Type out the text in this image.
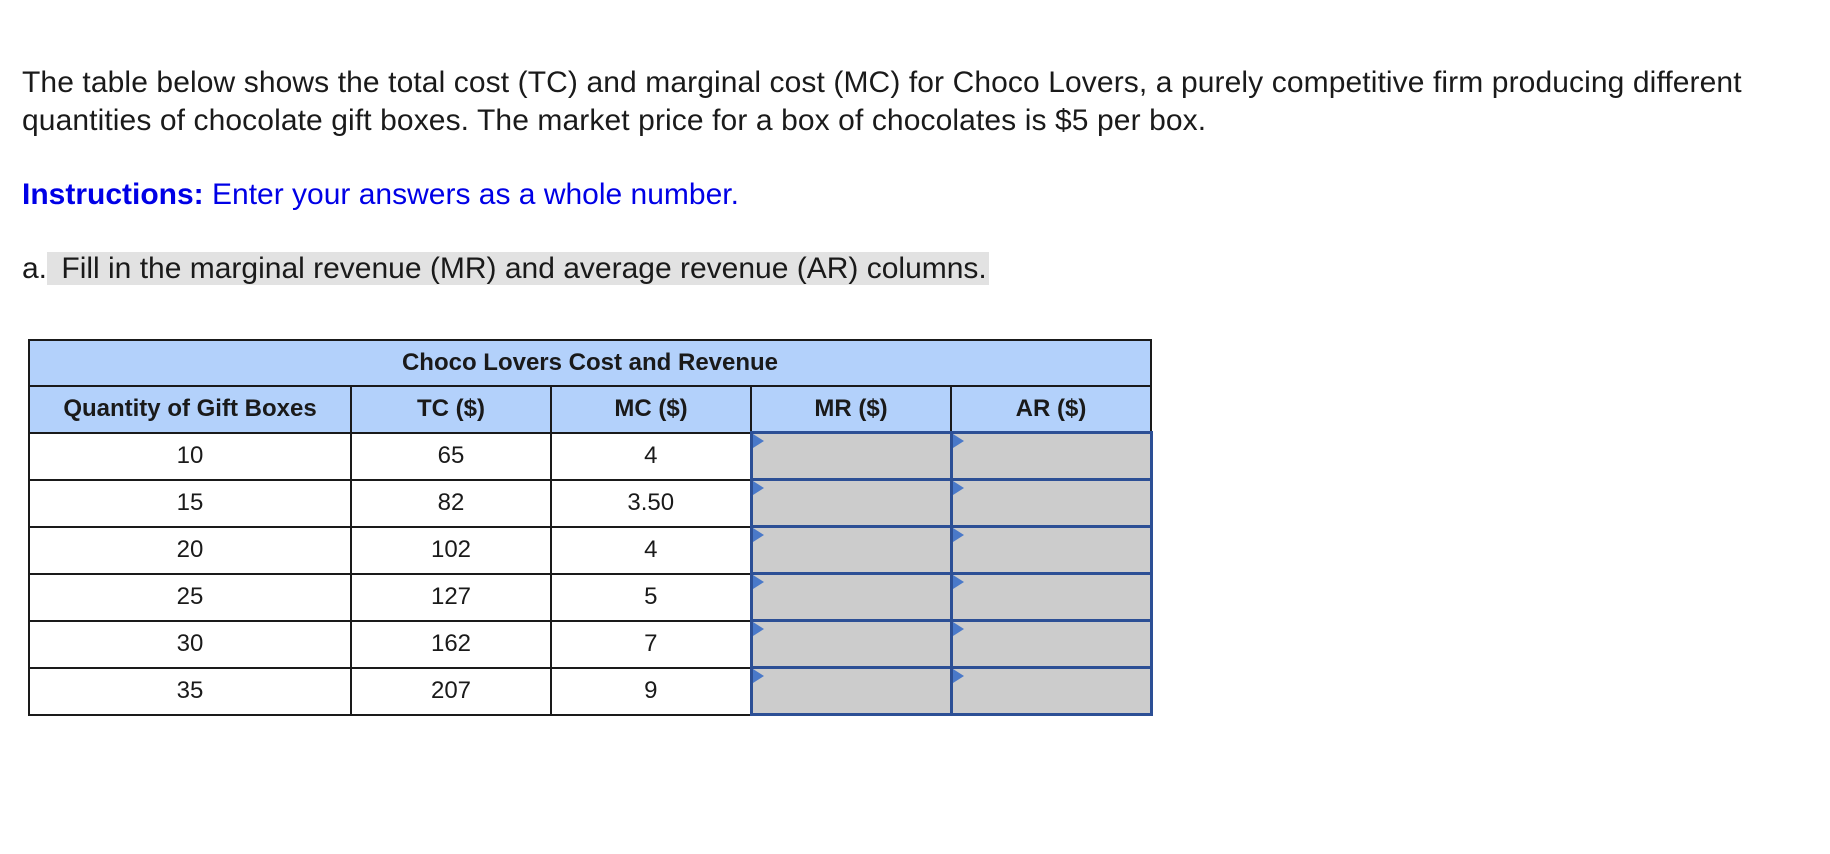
The table below shows the total cost (TC) and marginal cost (MC) for Choco Lovers, a purely competitive firm producing different quantities of chocolate gift boxes. The market price for a box of chocolates is $5 per box.

Instructions: Enter your answers as a whole number.

a. Fill in the marginal revenue (MR) and average revenue (AR) columns.

Choco Lovers Cost and Revenue				
Quantity of Gift Boxes	TC ($)	MC ($)	MR ($)	AR ($)
10	65	4	

15	82	3.50	

20	102	4	

25	127	5	

30	162	7	

35	207	9	
